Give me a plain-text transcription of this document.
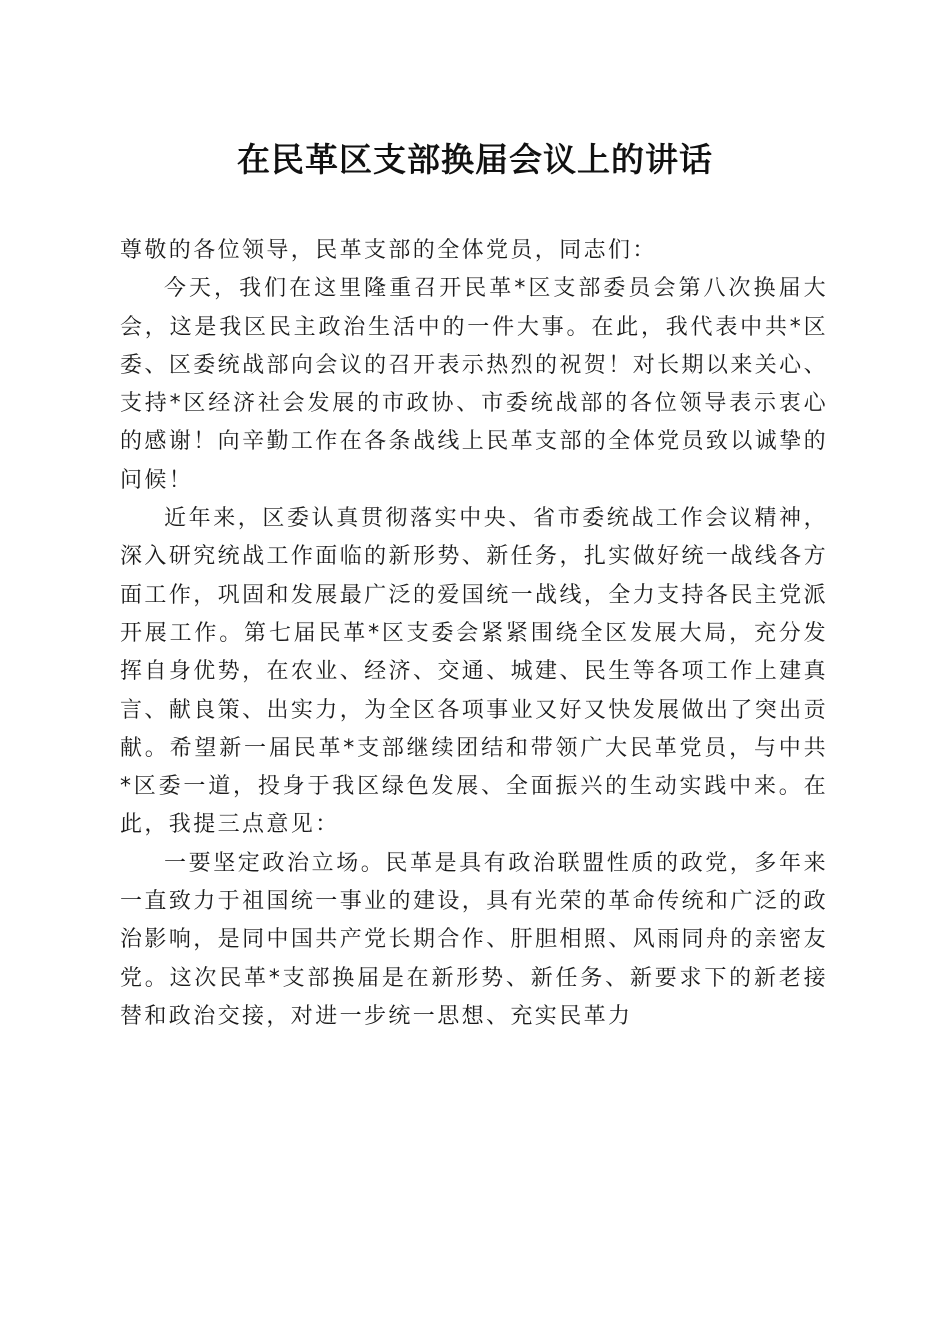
在民革区支部换届会议上的讲话

尊敬的各位领导，民革支部的全体党员，同志们：

今天，我们在这里隆重召开民革*区支部委员会第八次换届大会，这是我区民主政治生活中的一件大事。在此，我代表中共*区委、区委统战部向会议的召开表示热烈的祝贺！对长期以来关心、支持*区经济社会发展的市政协、市委统战部的各位领导表示衷心的感谢！向辛勤工作在各条战线上民革支部的全体党员致以诚挚的问候！

近年来，区委认真贯彻落实中央、省市委统战工作会议精神，深入研究统战工作面临的新形势、新任务，扎实做好统一战线各方面工作，巩固和发展最广泛的爱国统一战线，全力支持各民主党派开展工作。第七届民革*区支委会紧紧围绕全区发展大局，充分发挥自身优势，在农业、经济、交通、城建、民生等各项工作上建真言、献良策、出实力，为全区各项事业又好又快发展做出了突出贡献。希望新一届民革*支部继续团结和带领广大民革党员，与中共*区委一道，投身于我区绿色发展、全面振兴的生动实践中来。在此，我提三点意见：

一要坚定政治立场。民革是具有政治联盟性质的政党，多年来一直致力于祖国统一事业的建设，具有光荣的革命传统和广泛的政治影响，是同中国共产党长期合作、肝胆相照、风雨同舟的亲密友党。这次民革*支部换届是在新形势、新任务、新要求下的新老接替和政治交接，对进一步统一思想、充实民革力
